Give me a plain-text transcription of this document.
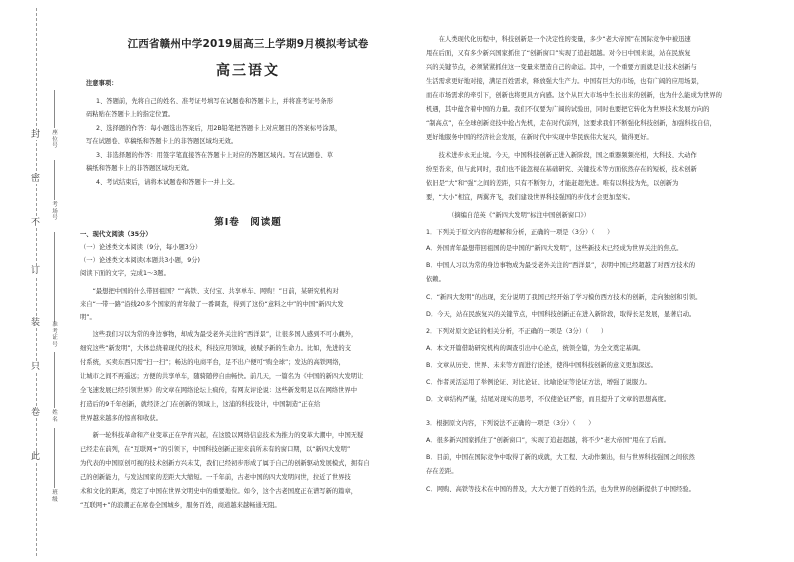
封
密
不
订
装
只
卷
此
座位号
考场号
准考证号
姓名
班级
江西省赣州中学2019届高三上学期9月模拟考试卷
高三语文
注意事项：
1、答题前，先将自己的姓名、准考证号填写在试题卷和答题卡上，并将准考证号条形
码粘贴在答题卡上的指定位置。
2、选择题的作答：每小题选出答案后，用2B铅笔把答题卡上对应题目的答案标号涂黑，
写在试题卷、草稿纸和答题卡上的非答题区域均无效。
3、非选择题的作答：用签字笔直接答在答题卡上对应的答题区域内。写在试题卷、草
稿纸和答题卡上的非答题区域均无效。
4、考试结束后，请将本试题卷和答题卡一并上交。
第Ⅰ卷　阅读题
一、现代文阅读（35分）
（一）论述类文本阅读（9分，每小题3分）
（一）论述类文本阅读(本题共3小题，9分)
阅读下面的文字，完成1～3题。
　　“最想把中国的什么带回祖国？”“高铁、支付宝、共享单车、网购！”日前，某研究机构对
来自“一带一路”沿线20多个国家的青年做了一番调查，得到了这份“意料之中”的中国“新四大发
明”。
　　这些我们习以为常的身边事物，却成为最受老外关注的“西洋景”，让很多国人感到不可小觑外，
细究这些“新发明”，大体总绕着现代的技术，科技应用领域，被赋予新的生命力。比如，先进的支
付系统，买卖东西只需“扫一扫”；畅达的电商平台，足不出户便可“购全球”；发达的高铁网络，
让城市之间不再遥远；方便的共享单车，随骑随停自由畅快。前几天，一篇名为《中国的新四大发明让
全飞速发展已经引领世界》的文章在网络论坛上疯传，有网友评论说：这些新发明足以在网络世界中
打造后的9千年创新，就经济之门在创新的领域上，这浦的科技设计，中国制造“正在给
世界越来越多的惊喜和收获。
　　新一轮科技革命和产业变革正在孕育兴起，在这股以网络信息技术为推力的变革大潮中，中国无疑
已经走在前列，在“互联网+”的引领下，中国科技创新正迎来前所未有的窗口期，以“新四大发明”
为代表的中国原创可视的技术创新方兴未艾，我们已经初步形成了属于自己的创新驱动发展模式，拥有自
己的创新能力，与发达国家的差距大大缩短。一千年前，古老中国的四大发明问世，拉近了世界技
术和文化的距离，奠定了中国在世界文明史中的重要地位。如今，这个古老国度正在谱写新的篇章，
“互联网+”的浪潮正在席卷全国城乡，服务百姓，商道越来越畅通无阻。
　　在人类现代化历程中，科技创新是一个决定性的变量，多少“老大帝国”在国际竞争中被迅速
甩在后面，又有多少新兴国家抓住了“创新窗口”实现了追赶超越。对今日中国来说，站在民族复
兴的关键节点，必须紧紧抓住这一变量来塑造自己的命运。其中，一个重要方面就是让技术创新与
生活需求更好地对接，满足百姓需求，释放强大生产力。中国有巨大的市场，也有广阔的应用场景，
而在市场需求的牵引下，创新也将更具方向感。这个从巨大市场中生长出来的创新，也为什么能成为世界的
机遇，其中蕴含着中国的力量。我们不仅要为广阔的试验田，同时也要把它转化为世界技术发展方向的
“制高点”，在全球创新竞技中抢占先机，走在时代前列，这要求我们不断强化科技创新，加强科技自信，
更好地服务中国的经济社会发展，在新时代中实现中华民族伟大复兴，做得更好。
　　技术进步永无止境。今天，中国科技创新正进入新阶段，国之重器频频亮相，大科技、大动作
纷至沓来，但与此同时，我们也不能忽视在基础研究、关键技术等方面依然存在的短板，技术创新
依旧是“大”和“强”之间的差距，只有不断努力，才能赶超先进。唯有以科技为先，以创新为
要，“大小”相宜，两翼齐飞，我们建设世界科技强国的步伐才会更加坚实。
　　　　（摘编自范英《“新四大发明”标注中国创新窗口》）
1．下列关于原文内容的理解和分析，正确的一项是（3分）（　　）
A．外国青年最想带回祖国的是中国的“新四大发明”，这些新技术已经成为世界关注的焦点。
B．中国人习以为常的身边事物成为最受老外关注的“西洋景”，表明中国已经超越了对西方技术的
依赖。
C．“新四大发明”的出现，充分说明了我国已经开始了学习模仿西方技术的创新，走向独创和引领。
D．今天，站在民族复兴的关键节点，中国科技创新正在进入新阶段，取得长足发展，显著启动。
2．下列对原文论证的相关分析，不正确的一项是（3分）（　　）
A．本文开篇借助研究机构的调查引出中心论点，统领全篇，为全文奠定基调。
B．文章从历史、世界、未来等方面进行论述，使得中国科技创新的意义更加深远。
C．作者灵活运用了举例论证、对比论证、比喻论证等论证方法，增强了说服力。
D．文章结构严谨，结尾对现实的思考，不仅使论证严密，而且提升了文章的思想高度。
3．根据原文内容，下列说法不正确的一项是（3分）（　　）
A．很多新兴国家抓住了“创新窗口”，实现了追赶超越，将不少“老大帝国”甩在了后面。
B．目前，中国在国际竞争中取得了新的成就，大工程、大动作频出，但与世界科技强国之间依然
存在差距。
C．网购、高铁等技术在中国的普及，大大方便了百姓的生活，也为世界的创新提供了中国经验。
